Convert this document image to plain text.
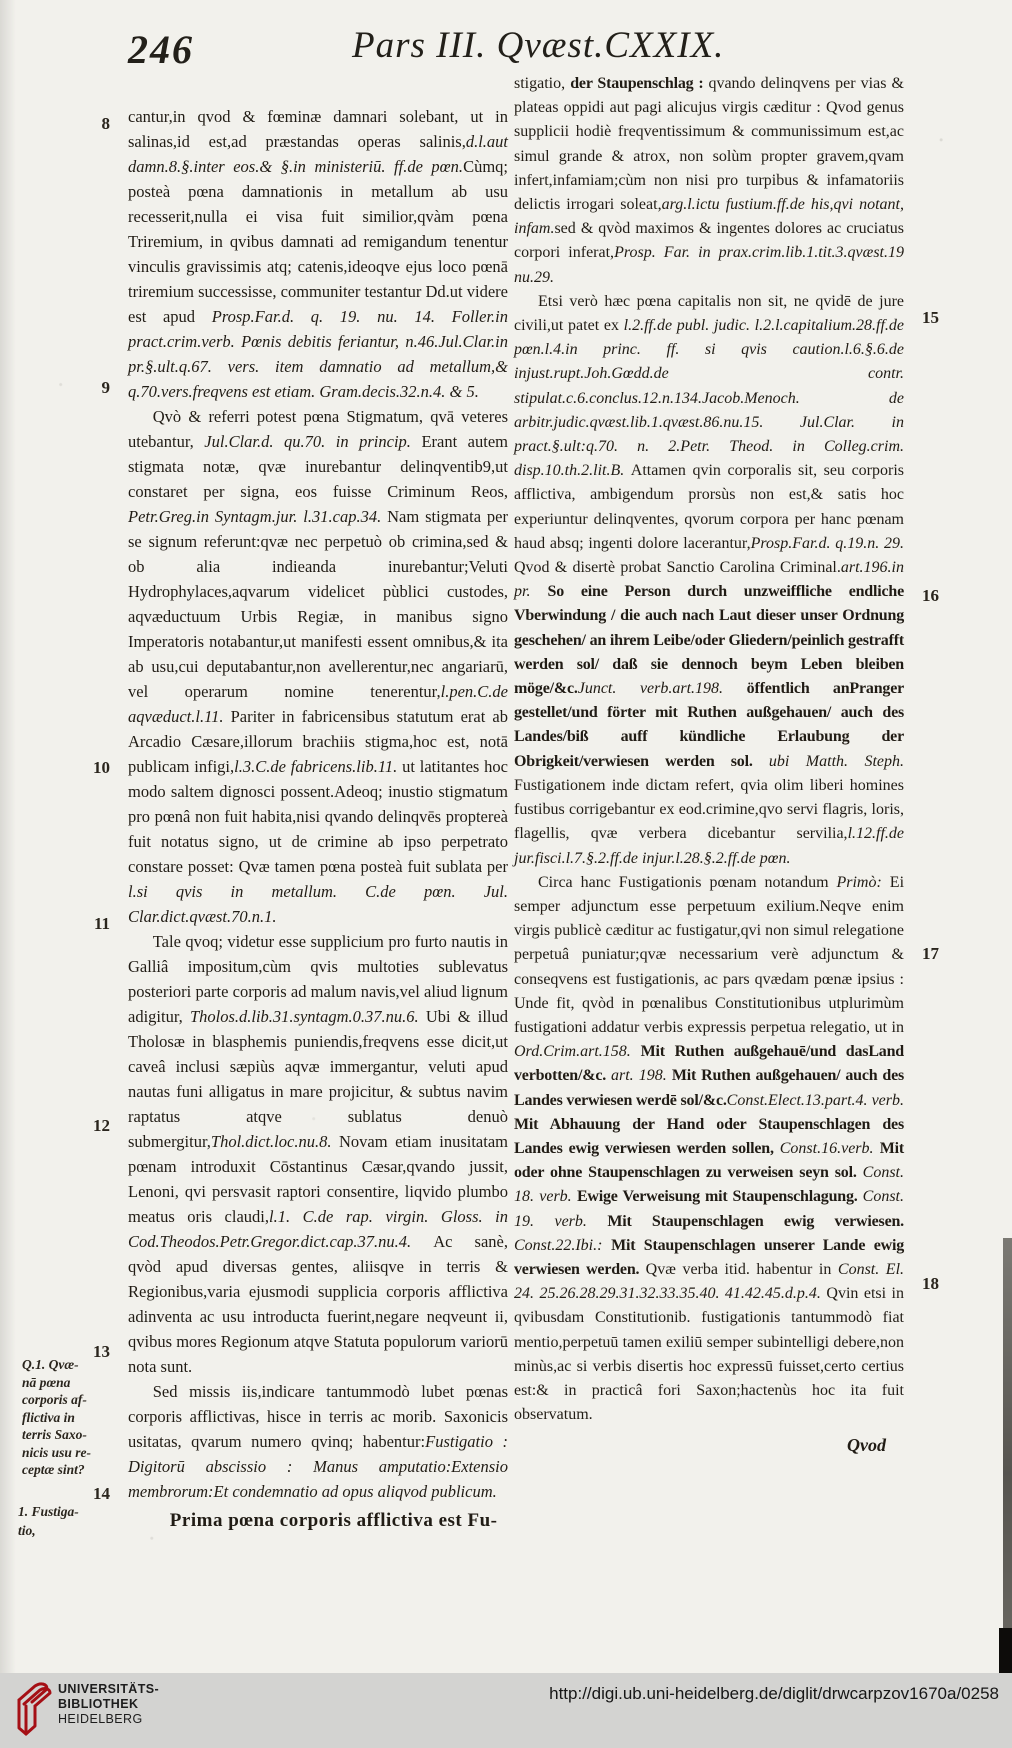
246	Pars III. Qvæst.CXXIX.
8
9
10
11
12
13
14
15
16
17
18
Q.1. Qvæ-
nā pœna
corporis af-
flictiva in
terris Saxo-
nicis usu re-
ceptæ sint?
1. Fustiga-
tio,

cantur,in qvod & fœminæ damnari solebant, ut in salinas,id est,ad præstandas operas salinis,d.l.aut damn.8.§.inter eos.& §.in ministeriū. ff.de pœn.Cùmq; posteà pœna damnationis in metallum ab usu recesserit,nulla ei visa fuit similior,qvàm pœna Triremium, in qvibus damnati ad remigandum tenentur vinculis gravissimis atq; catenis,ideoqve ejus loco pœnā triremium successisse, communiter testantur Dd.ut videre est apud Prosp.Far.d. q. 19. nu. 14. Foller.in pract.crim.verb. Pœnis debitis feriantur, n.46.Jul.Clar.in pr.§.ult.q.67. vers. item damnatio ad metallum,& q.70.vers.freqvens est etiam. Gram.decis.32.n.4. & 5.

Qvò & referri potest pœna Stigmatum, qvā veteres utebantur, Jul.Clar.d. qu.70. in princip. Erant autem stigmata notæ, qvæ inurebantur delinqventib9,ut constaret per signa, eos fuisse Criminum Reos, Petr.Greg.in Syntagm.jur. l.31.cap.34. Nam stigmata per se signum referunt:qvæ nec perpetuò ob crimina,sed & ob alia indieanda inurebantur;Veluti Hydrophylaces,aqvarum videlicet pùblici custodes, aqvæductuum Urbis Regiæ, in manibus signo Imperatoris notabantur,ut manifesti essent omnibus,& ita ab usu,cui deputabantur,non avellerentur,nec angariarū, vel operarum nomine tenerentur,l.pen.C.de aqvæduct.l.11. Pariter in fabricensibus statutum erat ab Arcadio Cæsare,illorum brachiis stigma,hoc est, notā publicam infigi,l.3.C.de fabricens.lib.11. ut latitantes hoc modo saltem dignosci possent.Adeoq; inustio stigmatum pro pœnâ non fuit habita,nisi qvando delinqvēs proptereà fuit notatus signo, ut de crimine ab ipso perpetrato constare posset: Qvæ tamen pœna posteà fuit sublata per l.si qvis in metallum. C.de pœn. Jul. Clar.dict.qvæst.70.n.1.

Tale qvoq; videtur esse supplicium pro furto nautis in Galliâ impositum,cùm qvis multoties sublevatus posteriori parte corporis ad malum navis,vel aliud lignum adigitur, Tholos.d.lib.31.syntagm.0.37.nu.6. Ubi & illud Tholosæ in blasphemis puniendis,freqvens esse dicit,ut caveâ inclusi sæpiùs aqvæ immergantur, veluti apud nautas funi alligatus in mare projicitur, & subtus navim raptatus atqve sublatus denuò submergitur,Thol.dict.loc.nu.8. Novam etiam inusitatam pœnam introduxit Cōstantinus Cæsar,qvando jussit, Lenoni, qvi persvasit raptori consentire, liqvido plumbo meatus oris claudi,l.1. C.de rap. virgin. Gloss. in Cod.Theodos.Petr.Gregor.dict.cap.37.nu.4. Ac sanè, qvòd apud diversas gentes, aliisqve in terris & Regionibus,varia ejusmodi supplicia corporis afflictiva adinventa ac usu introducta fuerint,negare neqveunt ii, qvibus mores Regionum atqve Statuta populorum variorū nota sunt.

Sed missis iis,indicare tantummodò lubet pœnas corporis afflictivas, hisce in terris ac morib. Saxonicis usitatas, qvarum numero qvinq; habentur:Fustigatio : Digitorū abscissio : Manus amputatio:Extensio membrorum:Et condemnatio ad opus aliqvod publicum.

Prima pœna corporis afflictiva est Fu-

stigatio, der Staupenschlag : qvando delinqvens per vias & plateas oppidi aut pagi alicujus virgis cæditur : Qvod genus supplicii hodiè freqventissimum & communissimum est,ac simul grande & atrox, non solùm propter gravem,qvam infert,infamiam;cùm non nisi pro turpibus & infamatoriis delictis irrogari soleat,arg.l.ictu fustium.ff.de his,qvi notant, infam.sed & qvòd maximos & ingentes dolores ac cruciatus corpori inferat,Prosp. Far. in prax.crim.lib.1.tit.3.qvæst.19 nu.29.

Etsi verò hæc pœna capitalis non sit, ne qvidē de jure civili,ut patet ex l.2.ff.de publ. judic. l.2.l.capitalium.28.ff.de pœn.l.4.in princ. ff. si qvis caution.l.6.§.6.de injust.rupt.Joh.Gœdd.de contr. stipulat.c.6.conclus.12.n.134.Jacob.Menoch. de arbitr.judic.qvæst.lib.1.qvæst.86.nu.15. Jul.Clar. in pract.§.ult:q.70. n. 2.Petr. Theod. in Colleg.crim. disp.10.th.2.lit.B. Attamen qvin corporalis sit, seu corporis afflictiva, ambigendum prorsùs non est,& satis hoc experiuntur delinqventes, qvorum corpora per hanc pœnam haud absq; ingenti dolore lacerantur,Prosp.Far.d. q.19.n. 29. Qvod & disertè probat Sanctio Carolina Criminal.art.196.in pr. So eine Person durch unzweiffliche endliche Vberwindung / die auch nach Laut dieser unser Ordnung geschehen/ an ihrem Leibe/oder Gliedern/peinlich gestrafft werden sol/ daß sie dennoch beym Leben bleiben möge/&c.Junct. verb.art.198. öffentlich anPranger gestellet/und förter mit Ruthen außgehauen/ auch des Landes/biß auff kündliche Erlaubung der Obrigkeit/verwiesen werden sol. ubi Matth. Steph. Fustigationem inde dictam refert, qvia olim liberi homines fustibus corrigebantur ex eod.crimine,qvo servi flagris, loris, flagellis, qvæ verbera dicebantur servilia,l.12.ff.de jur.fisci.l.7.§.2.ff.de injur.l.28.§.2.ff.de pœn.

Circa hanc Fustigationis pœnam notandum Primò: Ei semper adjunctum esse perpetuum exilium.Neqve enim virgis publicè cæditur ac fustigatur,qvi non simul relegatione perpetuâ puniatur;qvæ necessarium verè adjunctum & conseqvens est fustigationis, ac pars qvædam pœnæ ipsius : Unde fit, qvòd in pœnalibus Constitutionibus utplurimùm fustigationi addatur verbis expressis perpetua relegatio, ut in Ord.Crim.art.158. Mit Ruthen außgehauē/und dasLand verbotten/&c. art. 198. Mit Ruthen außgehauen/ auch des Landes verwiesen werdē sol/&c.Const.Elect.13.part.4. verb. Mit Abhauung der Hand oder Staupenschlagen des Landes ewig verwiesen werden sollen, Const.16.verb. Mit oder ohne Staupenschlagen zu verweisen seyn sol. Const. 18. verb. Ewige Verweisung mit Staupenschlagung. Const. 19. verb. Mit Staupenschlagen ewig verwiesen. Const.22.Ibi.: Mit Staupenschlagen unserer Lande ewig verwiesen werden. Qvæ verba itid. habentur in Const. El. 24. 25.26.28.29.31.32.33.35.40. 41.42.45.d.p.4. Qvin etsi in qvibusdam Constitutionib. fustigationis tantummodò fiat mentio,perpetuū tamen exiliū semper subintelligi debere,non minùs,ac si verbis disertis hoc expressū fuisset,certo certius est:& in practicâ fori Saxon;hactenùs hoc ita fuit observatum.

Qvod
UNIVERSITÄTS-
BIBLIOTHEK
HEIDELBERG
http://digi.ub.uni-heidelberg.de/diglit/drwcarpzov1670a/0258
